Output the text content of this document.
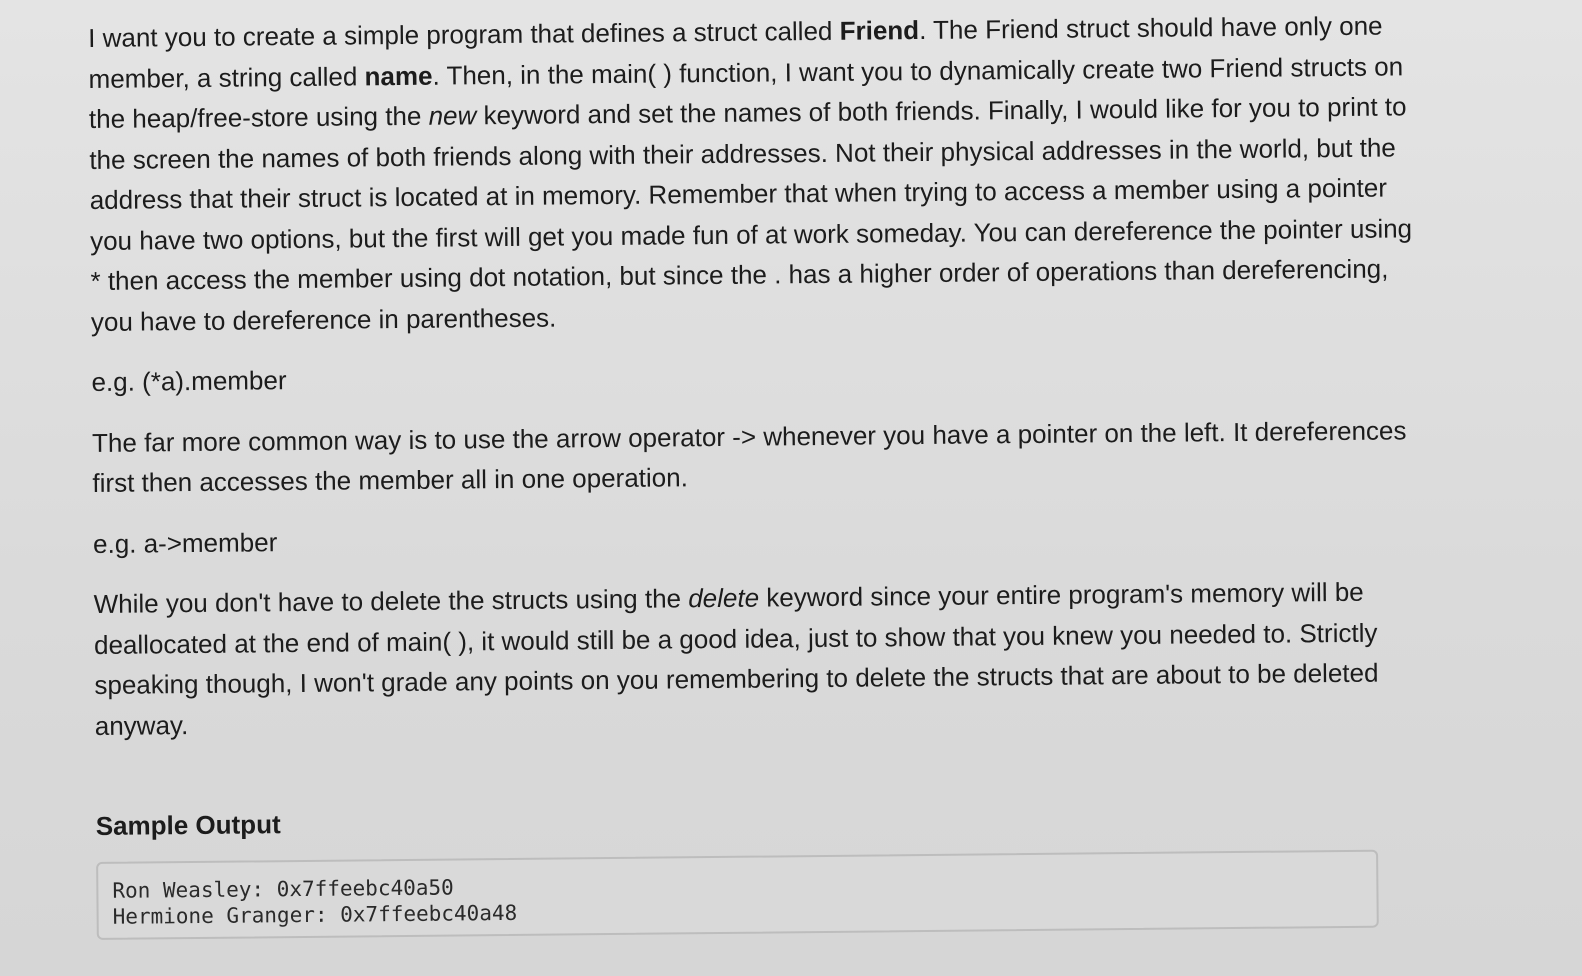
I want you to create a simple program that defines a struct called Friend. The Friend struct should have only one member, a string called name. Then, in the main( ) function, I want you to dynamically create two Friend structs on the heap/free-store using the new keyword and set the names of both friends. Finally, I would like for you to print to the screen the names of both friends along with their addresses. Not their physical addresses in the world, but the address that their struct is located at in memory. Remember that when trying to access a member using a pointer you have two options, but the first will get you made fun of at work someday. You can dereference the pointer using * then access the member using dot notation, but since the . has a higher order of operations than dereferencing, you have to dereference in parentheses.

e.g. (*a).member

The far more common way is to use the arrow operator -> whenever you have a pointer on the left. It dereferences first then accesses the member all in one operation.

e.g. a->member

While you don't have to delete the structs using the delete keyword since your entire program's memory will be deallocated at the end of main( ), it would still be a good idea, just to show that you knew you needed to. Strictly speaking though, I won't grade any points on you remembering to delete the structs that are about to be deleted anyway.

Sample Output
Ron Weasley: 0x7ffeebc40a50
Hermione Granger: 0x7ffeebc40a48
